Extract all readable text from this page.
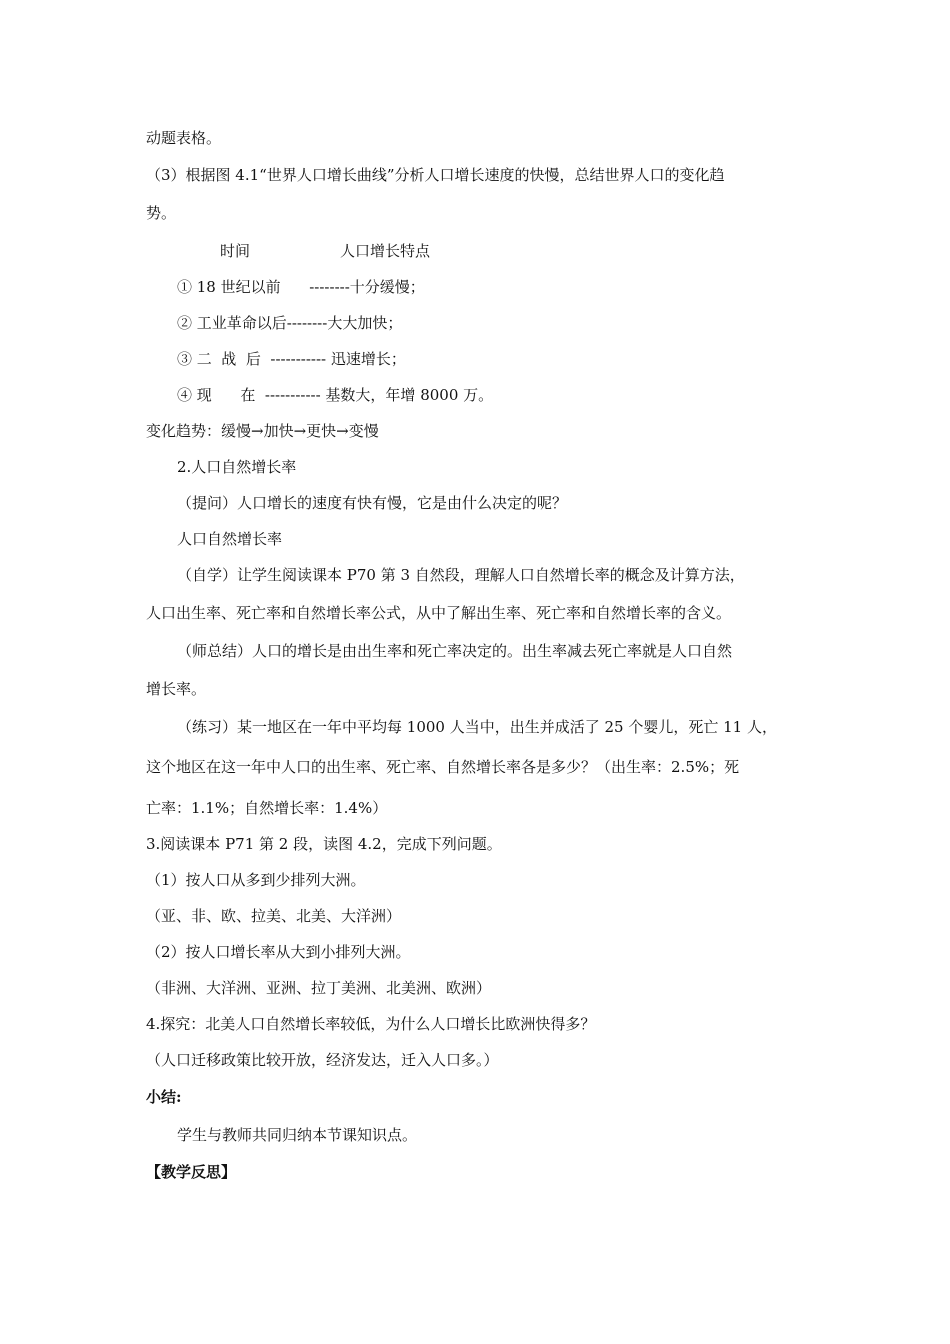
动题表格。
（3）根据图 4.1“世界人口增长曲线”分析人口增长速度的快慢，总结世界人口的变化趋
势。
时间	人口增长特点
① 18 世纪以前      --------十分缓慢；
② 工业革命以后--------大大加快；
③ 二  战  后  ----------- 迅速增长；
④ 现      在  ----------- 基数大，年增 8000 万。
变化趋势：缓慢→加快→更快→变慢
2.人口自然增长率
（提问）人口增长的速度有快有慢，它是由什么决定的呢？
人口自然增长率
（自学）让学生阅读课本 P70 第 3 自然段，理解人口自然增长率的概念及计算方法，
人口出生率、死亡率和自然增长率公式，从中了解出生率、死亡率和自然增长率的含义。
（师总结）人口的增长是由出生率和死亡率决定的。出生率减去死亡率就是人口自然
增长率。
（练习）某一地区在一年中平均每 1000 人当中，出生并成活了 25 个婴儿，死亡 11 人，
这个地区在这一年中人口的出生率、死亡率、自然增长率各是多少？（出生率：2.5%；死
亡率：1.1%；自然增长率：1.4%）
3.阅读课本 P71 第 2 段，读图 4.2，完成下列问题。
（1）按人口从多到少排列大洲。
（亚、非、欧、拉美、北美、大洋洲）
（2）按人口增长率从大到小排列大洲。
（非洲、大洋洲、亚洲、拉丁美洲、北美洲、欧洲）
4.探究：北美人口自然增长率较低，为什么人口增长比欧洲快得多？
（人口迁移政策比较开放，经济发达，迁入人口多。）
小结:
学生与教师共同归纳本节课知识点。
【教学反思】
